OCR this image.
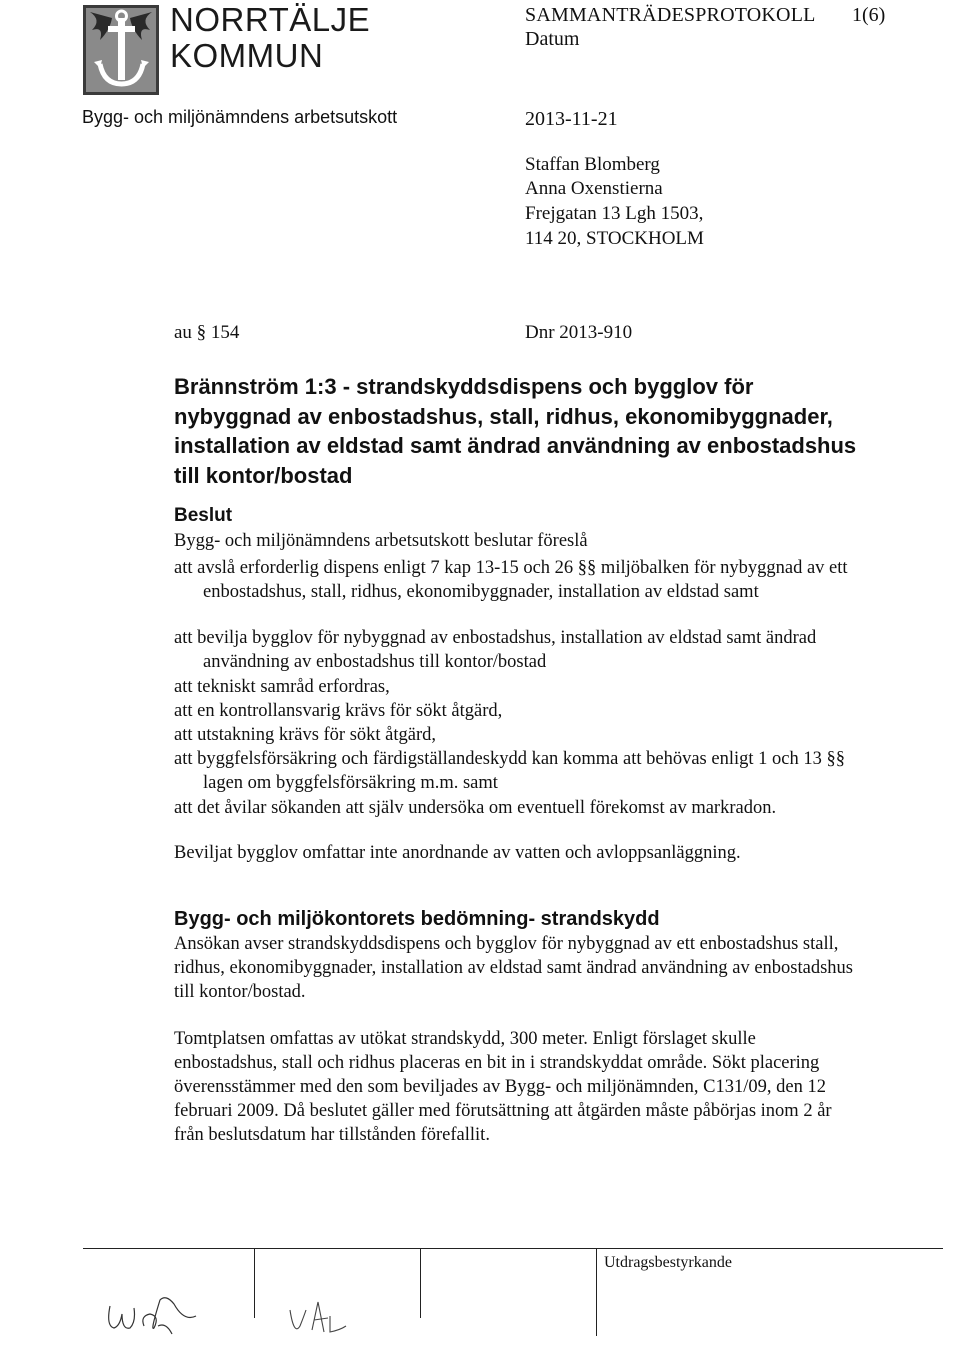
NORRTÄLJE
KOMMUN
Bygg- och miljönämndens arbetsutskott
SAMMANTRÄDESPROTOKOLL 1(6)
Datum
2013-11-21
Staffan Blomberg
Anna Oxenstierna
Frejgatan 13 Lgh 1503,
114 20, STOCKHOLM
au § 154	Dnr 2013-910
Brännström 1:3 - strandskyddsdispens och bygglov för
nybyggnad av enbostadshus, stall, ridhus, ekonomibyggnader,
installation av eldstad samt ändrad användning av enbostadshus
till kontor/bostad
Beslut
Bygg- och miljönämndens arbetsutskott beslutar föreslå
att avslå erforderlig dispens enligt 7 kap 13-15 och 26 §§ miljöbalken för nybyggnad av ett
enbostadshus, stall, ridhus, ekonomibyggnader, installation av eldstad samt
att bevilja bygglov för nybyggnad av enbostadshus, installation av eldstad samt ändrad
användning av enbostadshus till kontor/bostad
att tekniskt samråd erfordras,
att en kontrollansvarig krävs för sökt åtgärd,
att utstakning krävs för sökt åtgärd,
att byggfelsförsäkring och färdigställandeskydd kan komma att behövas enligt 1 och 13 §§
lagen om byggfelsförsäkring m.m. samt
att det åvilar sökanden att själv undersöka om eventuell förekomst av markradon.
Beviljat bygglov omfattar inte anordnande av vatten och avloppsanläggning.
Bygg- och miljökontorets bedömning- strandskydd
Ansökan avser strandskyddsdispens och bygglov för nybyggnad av ett enbostadshus stall,
ridhus, ekonomibyggnader, installation av eldstad samt ändrad användning av enbostadshus
till kontor/bostad.
Tomtplatsen omfattas av utökat strandskydd, 300 meter. Enligt förslaget skulle
enbostadshus, stall och ridhus placeras en bit in i strandskyddat område. Sökt placering
överensstämmer med den som beviljades av Bygg- och miljönämnden, C131/09, den 12
februari 2009. Då beslutet gäller med förutsättning att åtgärden måste påbörjas inom 2 år
från beslutsdatum har tillstånden förefallit.
Utdragsbestyrkande
